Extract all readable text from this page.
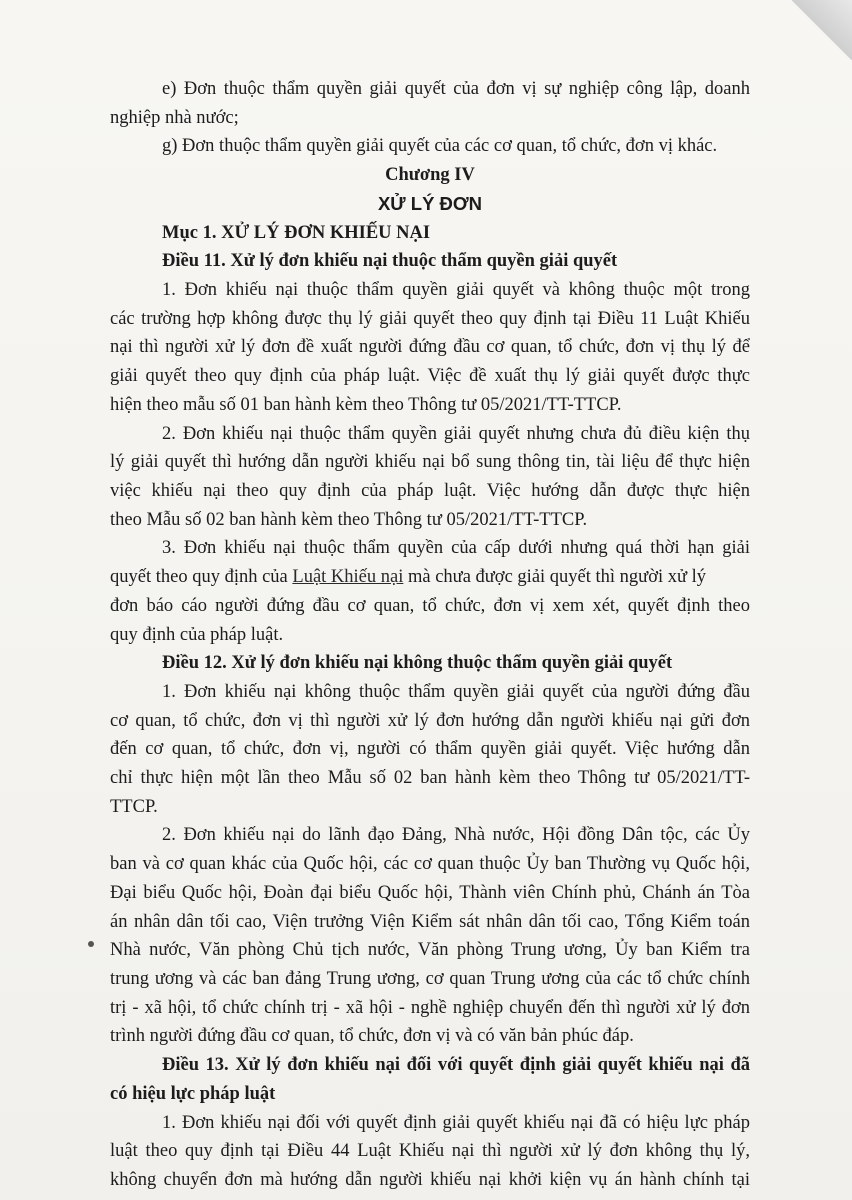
e) Đơn thuộc thẩm quyền giải quyết của đơn vị sự nghiệp công lập, doanh
nghiệp nhà nước;
g) Đơn thuộc thẩm quyền giải quyết của các cơ quan, tổ chức, đơn vị khác.
Chương IV
XỬ LÝ ĐƠN
Mục 1. XỬ LÝ ĐƠN KHIẾU NẠI
Điều 11. Xử lý đơn khiếu nại thuộc thẩm quyền giải quyết
1. Đơn khiếu nại thuộc thẩm quyền giải quyết và không thuộc một trong
các trường hợp không được thụ lý giải quyết theo quy định tại Điều 11 Luật Khiếu
nại thì người xử lý đơn đề xuất người đứng đầu cơ quan, tổ chức, đơn vị thụ lý để
giải quyết theo quy định của pháp luật. Việc đề xuất thụ lý giải quyết được thực
hiện theo mẫu số 01 ban hành kèm theo Thông tư 05/2021/TT-TTCP.
2. Đơn khiếu nại thuộc thẩm quyền giải quyết nhưng chưa đủ điều kiện thụ
lý giải quyết thì hướng dẫn người khiếu nại bổ sung thông tin, tài liệu để thực hiện
việc khiếu nại theo quy định của pháp luật. Việc hướng dẫn được thực hiện
theo Mẫu số 02 ban hành kèm theo Thông tư 05/2021/TT-TTCP.
3. Đơn khiếu nại thuộc thẩm quyền của cấp dưới nhưng quá thời hạn giải
quyết theo quy định của Luật Khiếu nại mà chưa được giải quyết thì người xử lý
đơn báo cáo người đứng đầu cơ quan, tổ chức, đơn vị xem xét, quyết định theo
quy định của pháp luật.
Điều 12. Xử lý đơn khiếu nại không thuộc thẩm quyền giải quyết
1. Đơn khiếu nại không thuộc thẩm quyền giải quyết của người đứng đầu
cơ quan, tổ chức, đơn vị thì người xử lý đơn hướng dẫn người khiếu nại gửi đơn
đến cơ quan, tổ chức, đơn vị, người có thẩm quyền giải quyết. Việc hướng dẫn
chỉ thực hiện một lần theo Mẫu số 02 ban hành kèm theo Thông tư 05/2021/TT-
TTCP.
2. Đơn khiếu nại do lãnh đạo Đảng, Nhà nước, Hội đồng Dân tộc, các Ủy
ban và cơ quan khác của Quốc hội, các cơ quan thuộc Ủy ban Thường vụ Quốc hội,
Đại biểu Quốc hội, Đoàn đại biểu Quốc hội, Thành viên Chính phủ, Chánh án Tòa
án nhân dân tối cao, Viện trưởng Viện Kiểm sát nhân dân tối cao, Tổng Kiểm toán
Nhà nước, Văn phòng Chủ tịch nước, Văn phòng Trung ương, Ủy ban Kiểm tra
trung ương và các ban đảng Trung ương, cơ quan Trung ương của các tổ chức chính
trị - xã hội, tổ chức chính trị - xã hội - nghề nghiệp chuyển đến thì người xử lý đơn
trình người đứng đầu cơ quan, tổ chức, đơn vị và có văn bản phúc đáp.
Điều 13. Xử lý đơn khiếu nại đối với quyết định giải quyết khiếu nại đã
có hiệu lực pháp luật
1. Đơn khiếu nại đối với quyết định giải quyết khiếu nại đã có hiệu lực pháp
luật theo quy định tại Điều 44 Luật Khiếu nại thì người xử lý đơn không thụ lý,
không chuyển đơn mà hướng dẫn người khiếu nại khởi kiện vụ án hành chính tại
